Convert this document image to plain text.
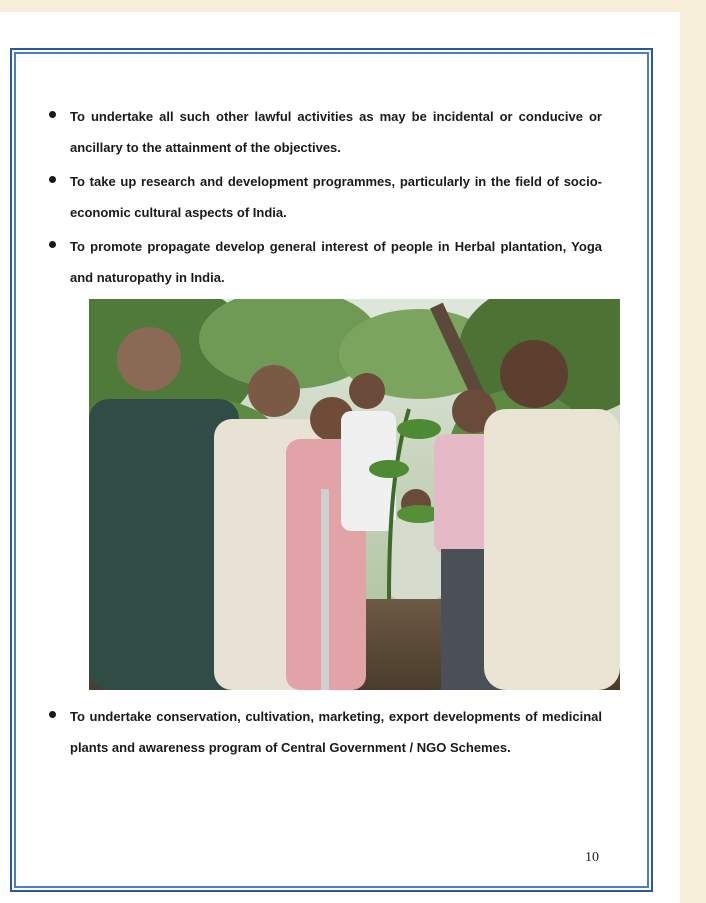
To undertake all such other lawful activities as may be incidental or conducive or ancillary to the attainment of the objectives.
To take up research and development programmes, particularly in the field of socio-economic cultural aspects of India.
To promote propagate develop general interest of people in Herbal plantation, Yoga and naturopathy in India.
To undertake conservation, cultivation, marketing, export developments of medicinal plants and awareness program of Central Government / NGO Schemes.
10
